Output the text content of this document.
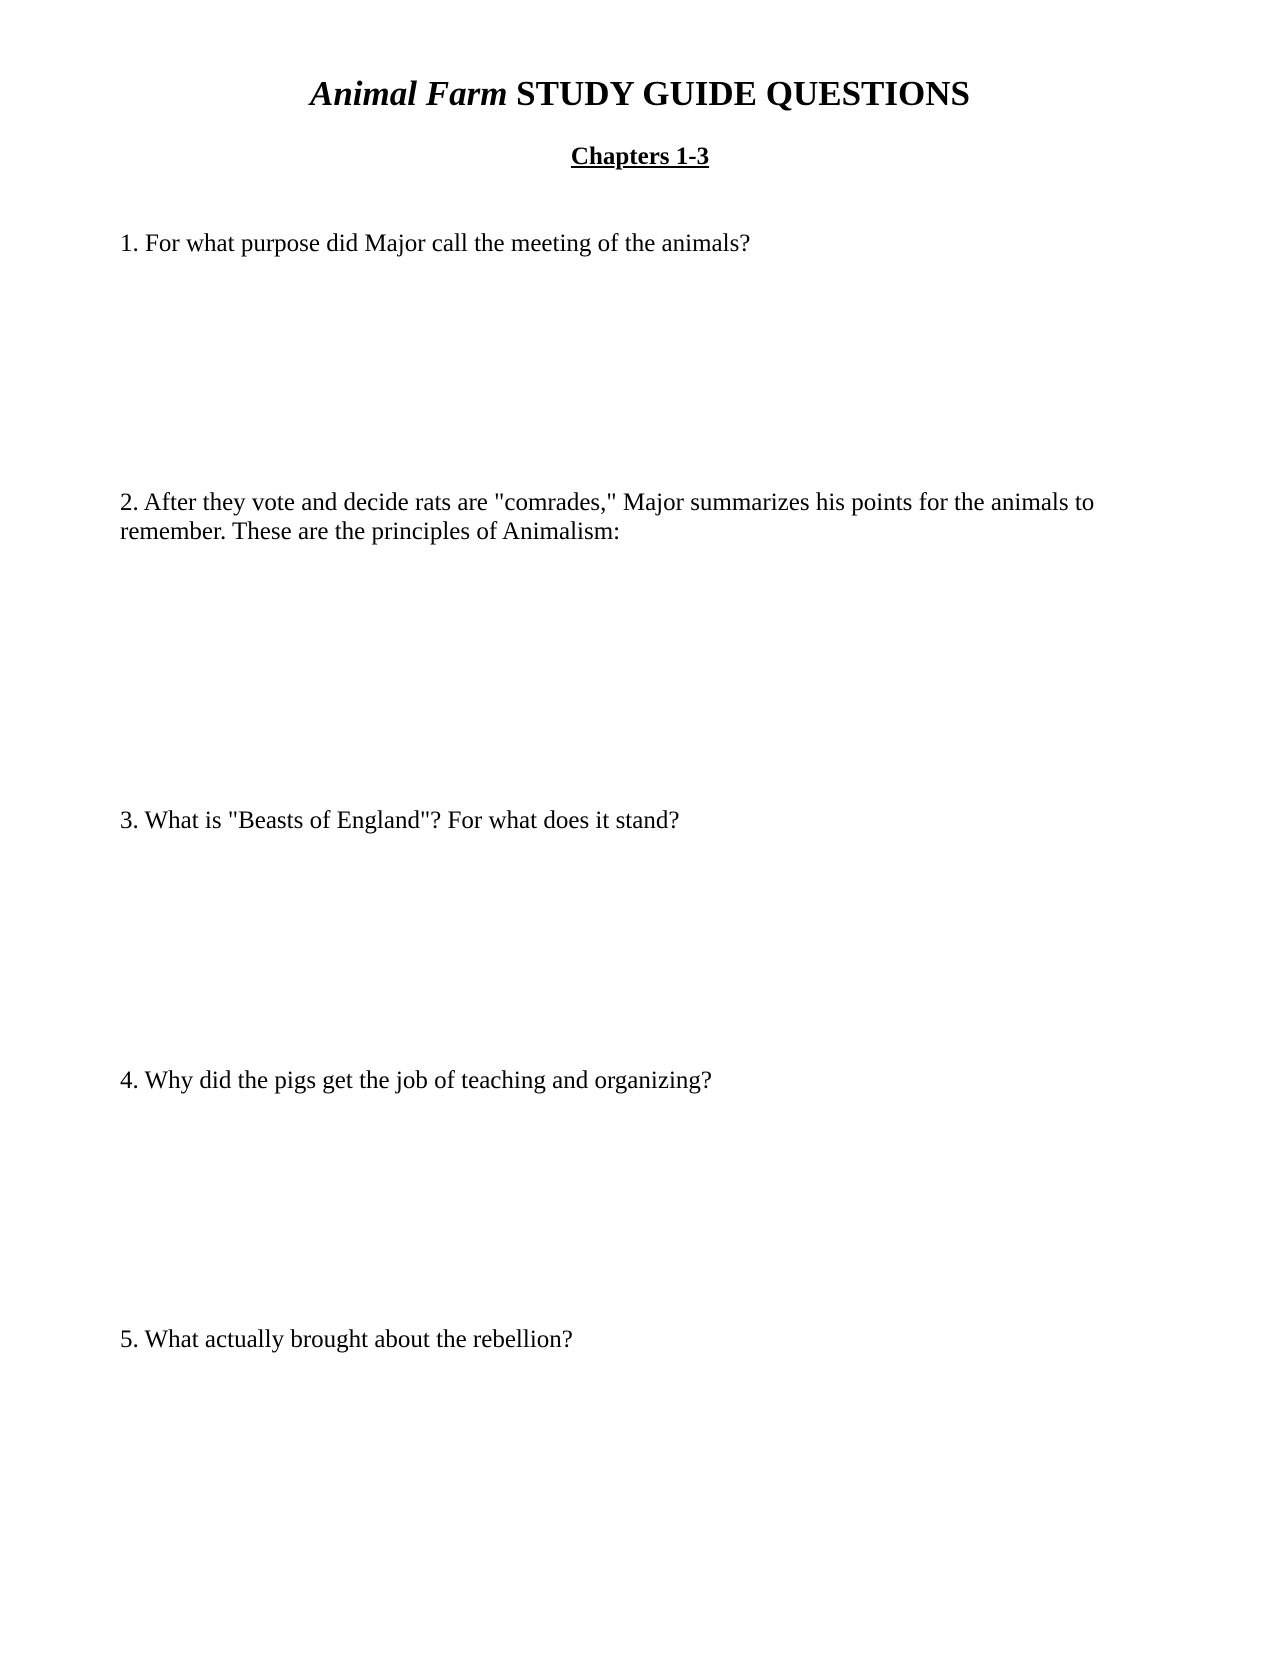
Animal Farm STUDY GUIDE QUESTIONS
Chapters 1-3
1. For what purpose did Major call the meeting of the animals?
2. After they vote and decide rats are "comrades," Major summarizes his points for the animals to remember. These are the principles of Animalism:
3. What is "Beasts of England"? For what does it stand?
4. Why did the pigs get the job of teaching and organizing?
5. What actually brought about the rebellion?
